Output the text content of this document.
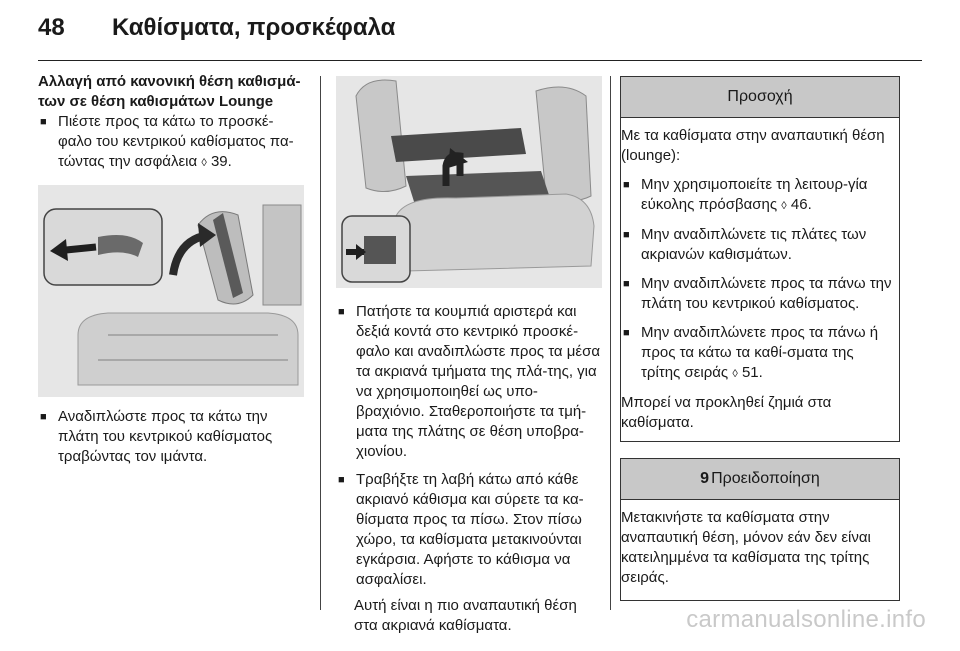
48	Καθίσματα, προσκέφαλα

Αλλαγή από κανονική θέση καθισμά-των σε θέση καθισμάτων Lounge

■ Πιέστε προς τα κάτω το προσκέ-φαλο του κεντρικού καθίσματος πα-τώντας την ασφάλεια ◊ 39.
■ Αναδιπλώστε προς τα κάτω την πλάτη του κεντρικού καθίσματος τραβώντας τον ιμάντα.
■ Πατήστε τα κουμπιά αριστερά και δεξιά κοντά στο κεντρικό προσκέ-φαλο και αναδιπλώστε προς τα μέσα τα ακριανά τμήματα της πλά-της, για να χρησιμοποιηθεί ως υπο-βραχιόνιο. Σταθεροποιήστε τα τμή-ματα της πλάτης σε θέση υποβρα-χιονίου.
■ Τραβήξτε τη λαβή κάτω από κάθε ακριανό κάθισμα και σύρετε τα κα-θίσματα προς τα πίσω. Στον πίσω χώρο, τα καθίσματα μετακινούνται εγκάρσια. Αφήστε το κάθισμα να ασφαλίσει.

Αυτή είναι η πιο αναπαυτική θέση στα ακριανά καθίσματα.

Προσοχή

Με τα καθίσματα στην αναπαυτική θέση (lounge):

■ Μην χρησιμοποιείτε τη λειτουρ-γία εύκολης πρόσβασης ◊ 46.
■ Μην αναδιπλώνετε τις πλάτες των ακριανών καθισμάτων.
■ Μην αναδιπλώνετε προς τα πάνω την πλάτη του κεντρικού καθίσματος.
■ Μην αναδιπλώνετε προς τα πάνω ή προς τα κάτω τα καθί-σματα της τρίτης σειράς ◊ 51.

Μπορεί να προκληθεί ζημιά στα καθίσματα.

9 Προειδοποίηση

Μετακινήστε τα καθίσματα στην αναπαυτική θέση, μόνον εάν δεν είναι κατειλημμένα τα καθίσματα της τρίτης σειράς.

carmanualsonline.info
